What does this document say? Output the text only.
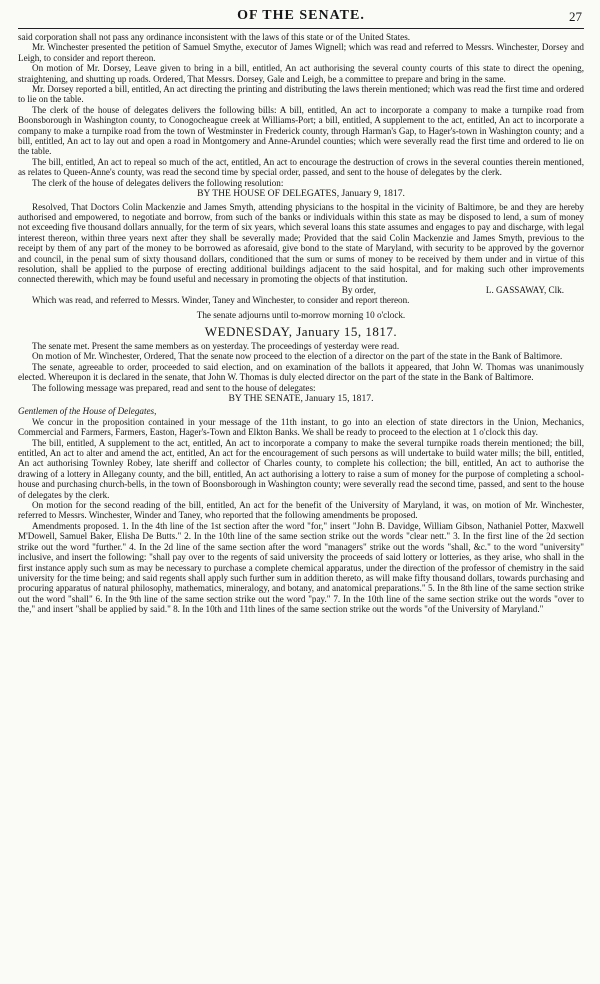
OF THE SENATE.	27

said corporation shall not pass any ordinance inconsistent with the laws of this state or of the United States.

Mr. Winchester presented the petition of Samuel Smythe, executor of James Wignell; which was read and referred to Messrs. Winchester, Dorsey and Leigh, to consider and report thereon.

On motion of Mr. Dorsey, Leave given to bring in a bill, entitled, An act authorising the several county courts of this state to direct the opening, straightening, and shutting up roads. Ordered, That Messrs. Dorsey, Gale and Leigh, be a committee to prepare and bring in the same.

Mr. Dorsey reported a bill, entitled, An act directing the printing and distributing the laws therein mentioned; which was read the first time and ordered to lie on the table.

The clerk of the house of delegates delivers the following bills: A bill, entitled, An act to incorporate a company to make a turnpike road from Boonsborough in Washington county, to Conogocheague creek at Williams-Port; a bill, entitled, A supplement to the act, entitled, An act to incorporate a company to make a turnpike road from the town of Westminster in Frederick county, through Harman's Gap, to Hager's-town in Washington county; and a bill, entitled, An act to lay out and open a road in Montgomery and Anne-Arundel counties; which were severally read the first time and ordered to lie on the table.

The bill, entitled, An act to repeal so much of the act, entitled, An act to encourage the destruction of crows in the several counties therein mentioned, as relates to Queen-Anne's county, was read the second time by special order, passed, and sent to the house of delegates by the clerk.

The clerk of the house of delegates delivers the following resolution:

BY THE HOUSE OF DELEGATES, January 9, 1817.

Resolved, That Doctors Colin Mackenzie and James Smyth, attending physicians to the hospital in the vicinity of Baltimore, be and they are hereby authorised and empowered, to negotiate and borrow, from such of the banks or individuals within this state as may be disposed to lend, a sum of money not exceeding five thousand dollars annually, for the term of six years, which several loans this state assumes and engages to pay and discharge, with legal interest thereon, within three years next after they shall be severally made; Provided that the said Colin Mackenzie and James Smyth, previous to the receipt by them of any part of the money to be borrowed as aforesaid, give bond to the state of Maryland, with security to be approved by the governor and council, in the penal sum of sixty thousand dollars, conditioned that the sum or sums of money to be received by them under and in virtue of this resolution, shall be applied to the purpose of erecting additional buildings adjacent to the said hospital, and for making such other improvements connected therewith, which may be found useful and necessary in promoting the objects of that institution.

By order,	L. GASSAWAY, Clk.

Which was read, and referred to Messrs. Winder, Taney and Winchester, to consider and report thereon.

The senate adjourns until to-morrow morning 10 o'clock.

WEDNESDAY, January 15, 1817.

The senate met. Present the same members as on yesterday. The proceedings of yesterday were read.

On motion of Mr. Winchester, Ordered, That the senate now proceed to the election of a director on the part of the state in the Bank of Baltimore.

The senate, agreeable to order, proceeded to said election, and on examination of the ballots it appeared, that John W. Thomas was unanimously elected. Whereupon it is declared in the senate, that John W. Thomas is duly elected director on the part of the state in the Bank of Baltimore.

The following message was prepared, read and sent to the house of delegates:

BY THE SENATE, January 15, 1817.

Gentlemen of the House of Delegates,

We concur in the proposition contained in your message of the 11th instant, to go into an election of state directors in the Union, Mechanics, Commercial and Farmers, Farmers, Easton, Hager's-Town and Elkton Banks. We shall be ready to proceed to the election at 1 o'clock this day.

The bill, entitled, A supplement to the act, entitled, An act to incorporate a company to make the several turnpike roads therein mentioned; the bill, entitled, An act to alter and amend the act, entitled, An act for the encouragement of such persons as will undertake to build water mills; the bill, entitled, An act authorising Townley Robey, late sheriff and collector of Charles county, to complete his collection; the bill, entitled, An act to authorise the drawing of a lottery in Allegany county, and the bill, entitled, An act authorising a lottery to raise a sum of money for the purpose of completing a school-house and purchasing church-bells, in the town of Boonsborough in Washington county; were severally read the second time, passed, and sent to the house of delegates by the clerk.

On motion for the second reading of the bill, entitled, An act for the benefit of the University of Maryland, it was, on motion of Mr. Winchester, referred to Messrs. Winchester, Winder and Taney, who reported that the following amendments be proposed.

Amendments proposed. 1. In the 4th line of the 1st section after the word "for," insert "John B. Davidge, William Gibson, Nathaniel Potter, Maxwell M'Dowell, Samuel Baker, Elisha De Butts." 2. In the 10th line of the same section strike out the words "clear nett." 3. In the first line of the 2d section strike out the word "further." 4. In the 2d line of the same section after the word "managers" strike out the words "shall, &c." to the word "university" inclusive, and insert the following: "shall pay over to the regents of said university the proceeds of said lottery or lotteries, as they arise, who shall in the first instance apply such sum as may be necessary to purchase a complete chemical apparatus, under the direction of the professor of chemistry in the said university for the time being; and said regents shall apply such further sum in addition thereto, as will make fifty thousand dollars, towards purchasing and procuring apparatus of natural philosophy, mathematics, mineralogy, and botany, and anatomical preparations." 5. In the 8th line of the same section strike out the word "shall" 6. In the 9th line of the same section strike out the word "pay." 7. In the 10th line of the same section strike out the words "over to the," and insert "shall be applied by said." 8. In the 10th and 11th lines of the same section strike out the words "of the University of Maryland."
